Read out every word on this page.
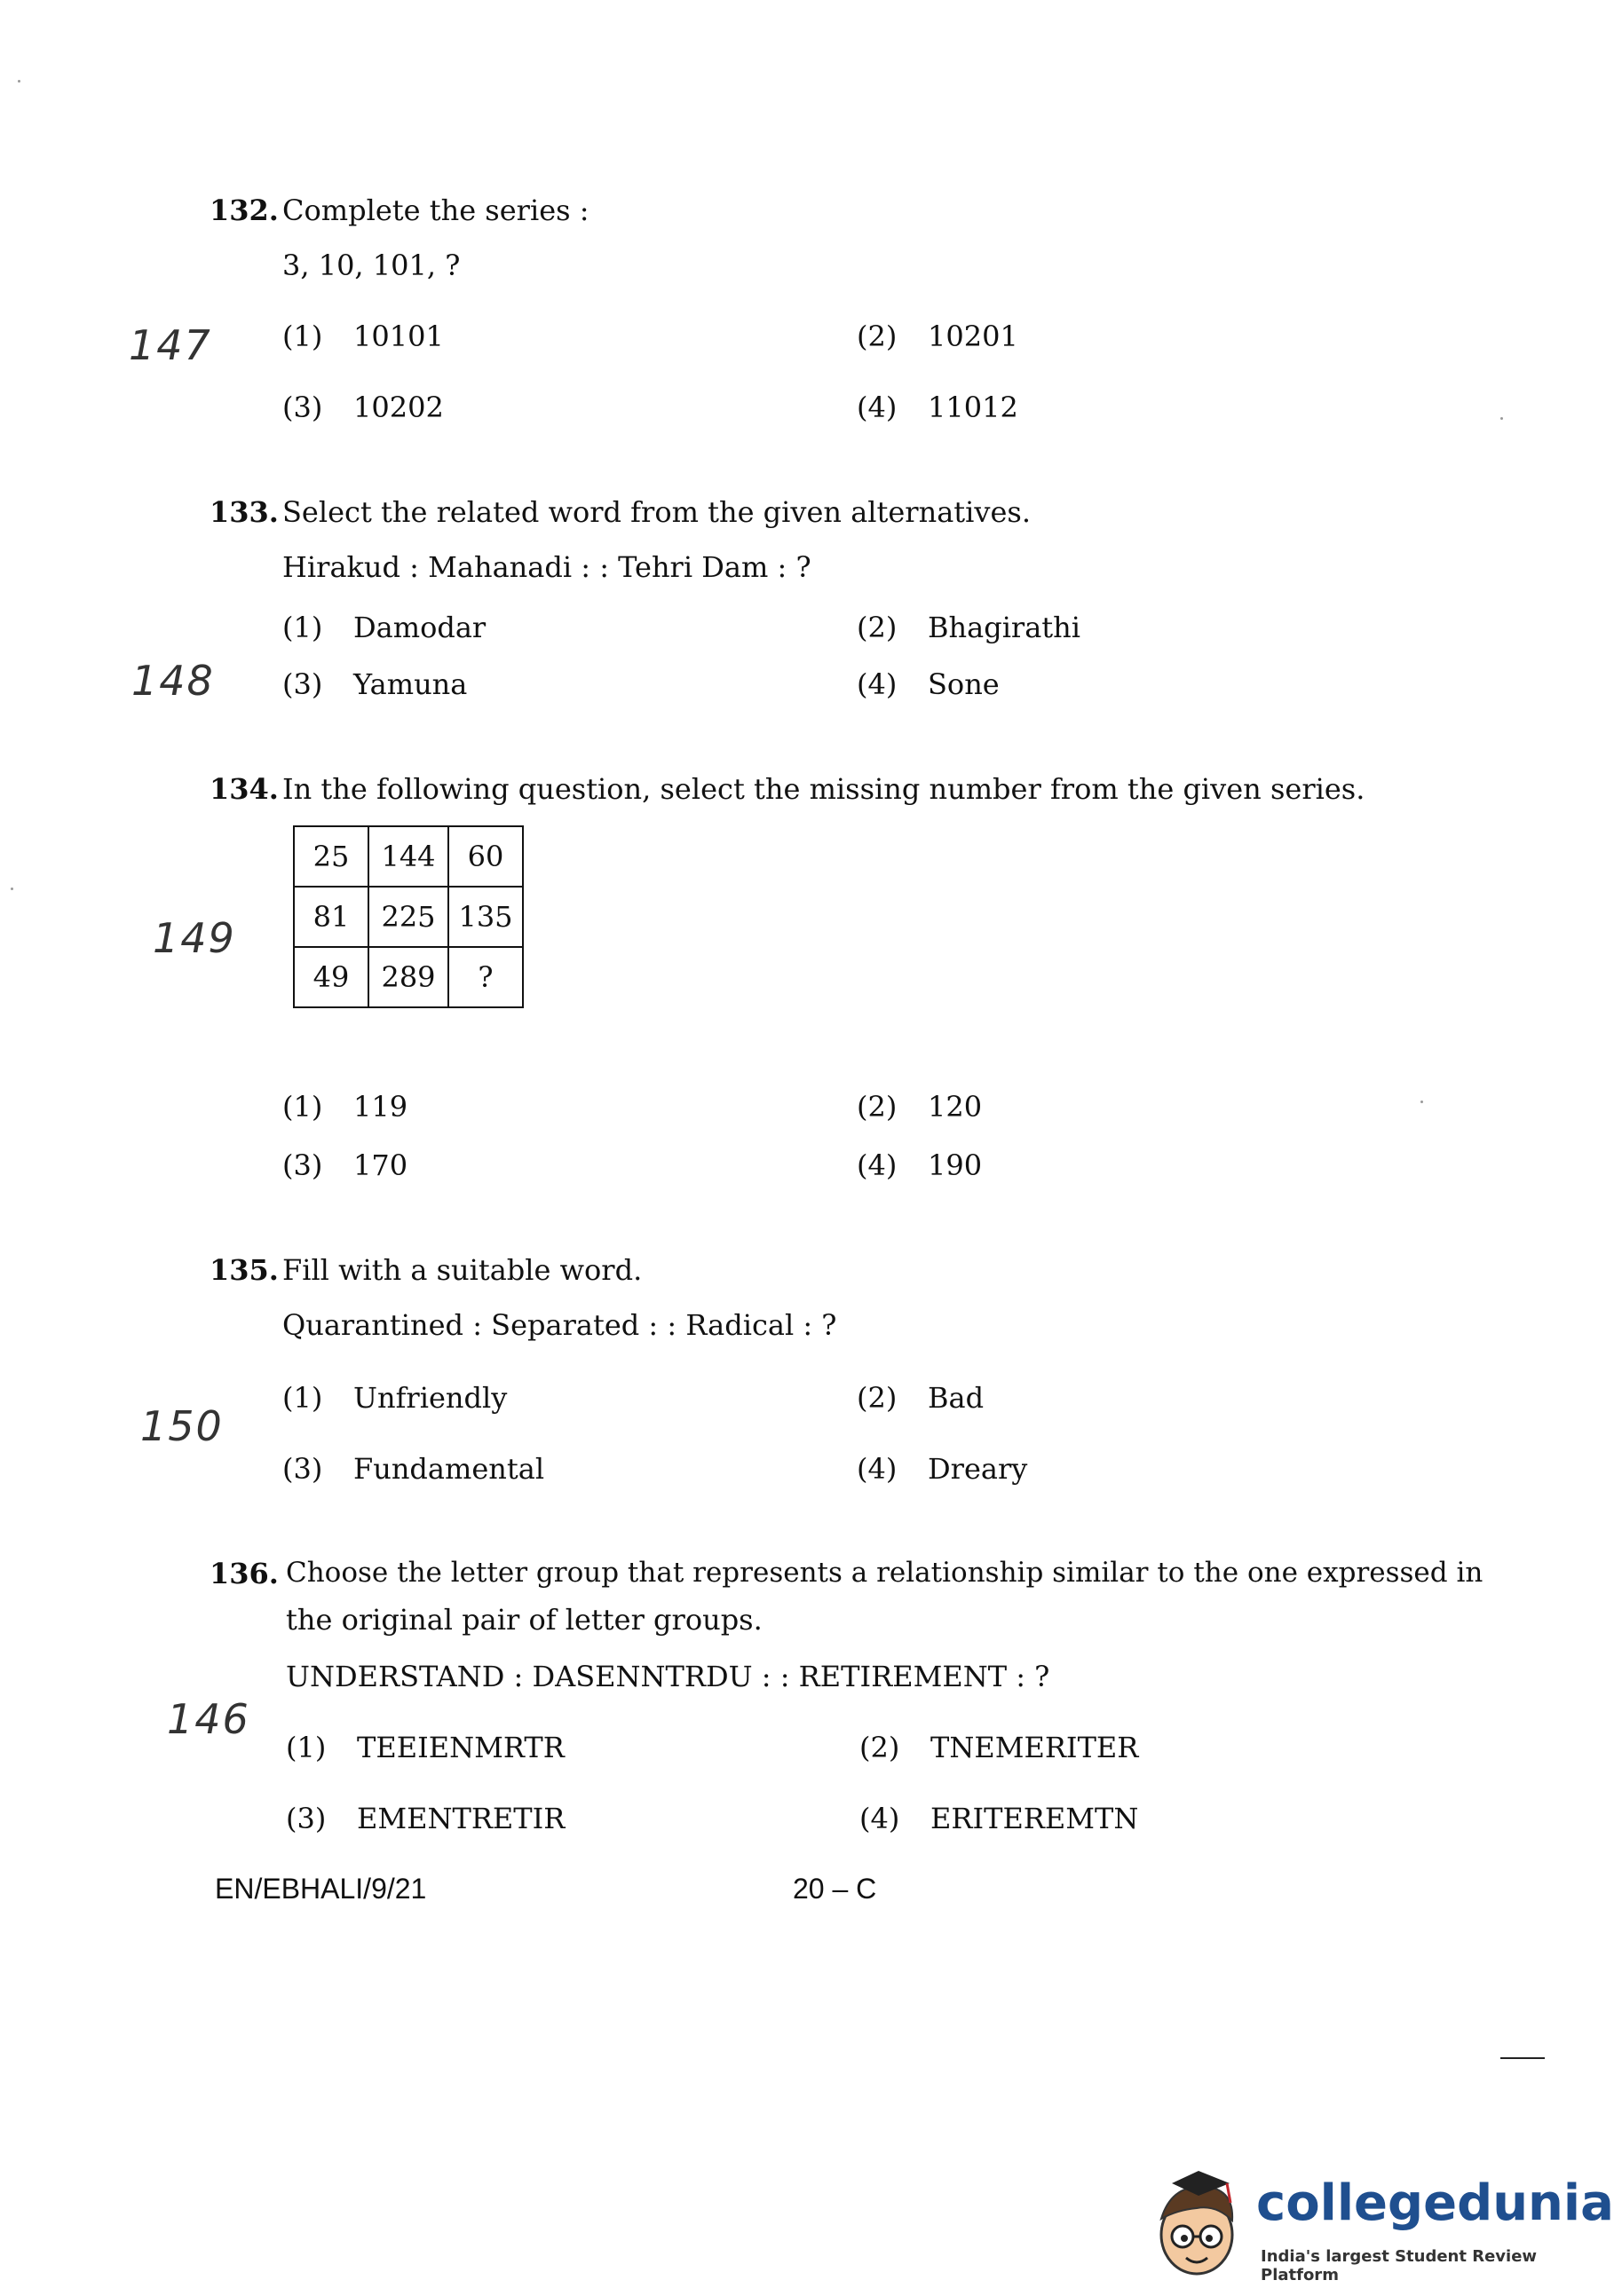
132. Complete the series :
3, 10, 101, ?
147 (1) 10101	(2) 10201
(3) 10202	(4) 11012
133. Select the related word from the given alternatives.
Hirakud : Mahanadi : : Tehri Dam : ?
148
(1) Damodar	(2) Bhagirathi
(3) Yamuna	(4) Sone
134. In the following question, select the missing number from the given series.
25	144	60
81	225	135
49	289	?
149
(1) 119	(2) 120
(3) 170	(4) 190
135. Fill with a suitable word.
Quarantined : Separated : : Radical : ?
150
(1) Unfriendly	(2) Bad
(3) Fundamental	(4) Dreary
136. Choose the letter group that represents a relationship similar to the one expressed in
the original pair of letter groups.
UNDERSTAND : DASENNTRDU : : RETIREMENT : ?
146
(1) TEEIENMRTR	(2) TNEMERITER
(3) EMENTRETIR	(4) ERITEREMTN
EN/EBHALI/9/21	20 – C
collegedunia
India's largest Student Review Platform
